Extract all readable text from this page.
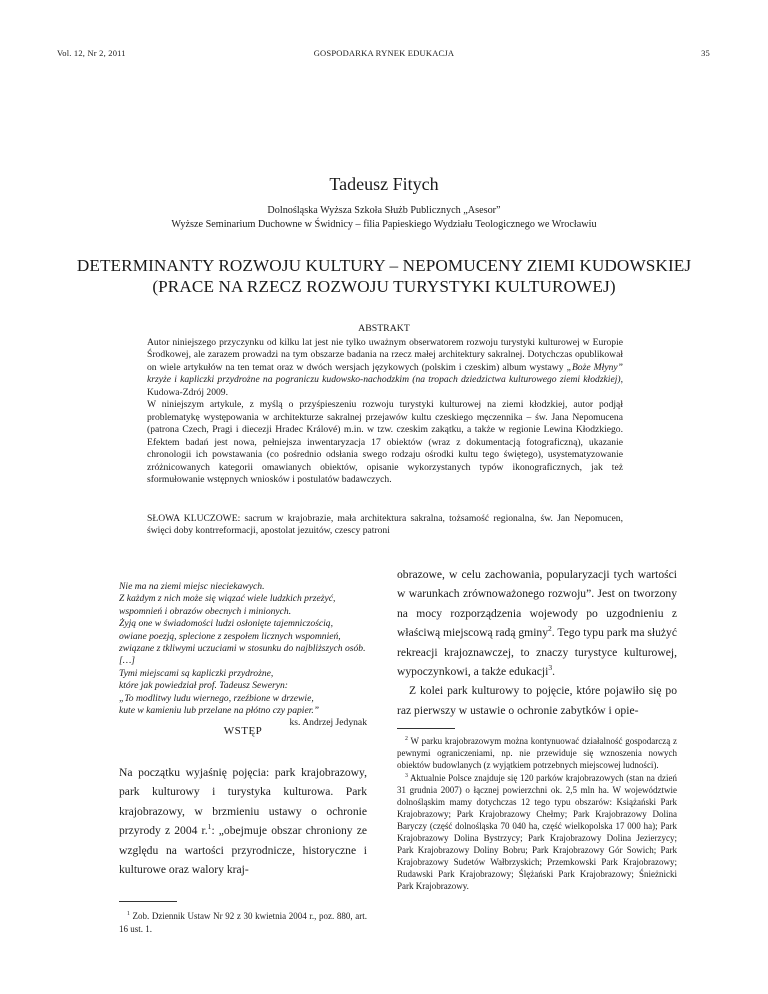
Vol. 12, Nr 2, 2011	GOSPODARKA RYNEK EDUKACJA	35
Tadeusz Fitych
Dolnośląska Wyższa Szkoła Służb Publicznych „Asesor”
Wyższe Seminarium Duchowne w Świdnicy – filia Papieskiego Wydziału Teologicznego we Wrocławiu
DETERMINANTY ROZWOJU KULTURY – NEPOMUCENY ZIEMI KUDOWSKIEJ
(PRACE NA RZECZ ROZWOJU TURYSTYKI KULTUROWEJ)
ABSTRAKT

Autor niniejszego przyczynku od kilku lat jest nie tylko uważnym obserwatorem rozwoju turystyki kulturowej w Europie Środkowej, ale zarazem prowadzi na tym obszarze badania na rzecz małej architektury sakralnej. Dotychczas opublikował on wiele artykułów na ten temat oraz w dwóch wersjach językowych (polskim i czeskim) album wystawy „Boże Młyny” krzyże i kapliczki przydrożne na pograniczu kudowsko-nachodzkim (na tropach dziedzictwa kulturowego ziemi kłodzkiej), Kudowa-Zdrój 2009.

W niniejszym artykule, z myślą o przyśpieszeniu rozwoju turystyki kulturowej na ziemi kłodzkiej, autor podjął problematykę występowania w architekturze sakralnej przejawów kultu czeskiego męczennika – św. Jana Nepomucena (patrona Czech, Pragi i diecezji Hradec Králové) m.in. w tzw. czeskim zakątku, a także w regionie Lewina Kłodzkiego. Efektem badań jest nowa, pełniejsza inwentaryzacja 17 obiektów (wraz z dokumentacją fotograficzną), ukazanie chronologii ich powstawania (co pośrednio odsłania swego rodzaju ośrodki kultu tego świętego), usystematyzowanie zróżnicowanych kategorii omawianych obiektów, opisanie wykorzystanych typów ikonograficznych, jak też sformułowanie wstępnych wniosków i postulatów badawczych.

SŁOWA KLUCZOWE: sacrum w krajobrazie, mała architektura sakralna, tożsamość regionalna, św. Jan Nepomucen, święci doby kontrreformacji, apostolat jezuitów, czescy patroni
Nie ma na ziemi miejsc nieciekawych.
Z każdym z nich może się wiązać wiele ludzkich przeżyć,
wspomnień i obrazów obecnych i minionych.
Żyją one w świadomości ludzi osłonięte tajemniczością,
owiane poezją, splecione z zespołem licznych wspomnień,
związane z tkliwymi uczuciami w stosunku do najbliższych osób.
[…]
Tymi miejscami są kapliczki przydrożne,
które jak powiedział prof. Tadeusz Seweryn:
„To modlitwy ludu wiernego, rzeźbione w drzewie,
kute w kamieniu lub przelane na płótno czy papier.”
ks. Andrzej Jedynak
WSTĘP

Na początku wyjaśnię pojęcia: park krajobrazowy, park kulturowy i turystyka kulturowa. Park krajobrazowy, w brzmieniu ustawy o ochronie przyrody z 2004 r.$^1$: „obejmuje obszar chroniony ze względu na wartości przyrodnicze, historyczne i kulturowe oraz walory kraj-

$^1$ Zob. Dziennik Ustaw Nr 92 z 30 kwietnia 2004 r., poz. 880, art. 16 ust. 1.

obrazowe, w celu zachowania, popularyzacji tych wartości w warunkach zrównoważonego rozwoju”. Jest on tworzony na mocy rozporządzenia wojewody po uzgodnieniu z właściwą miejscową radą gminy$^2$. Tego typu park ma służyć rekreacji krajoznawczej, to znaczy turystyce kulturowej, wypoczynkowi, a także edukacji$^3$.

Z kolei park kulturowy to pojęcie, które pojawiło się po raz pierwszy w ustawie o ochronie zabytków i opie-

$^2$ W parku krajobrazowym można kontynuować działalność gospodarczą z pewnymi ograniczeniami, np. nie przewiduje się wznoszenia nowych obiektów budowlanych (z wyjątkiem potrzebnych miejscowej ludności).

$^3$ Aktualnie Polsce znajduje się 120 parków krajobrazowych (stan na dzień 31 grudnia 2007) o łącznej powierzchni ok. 2,5 mln ha. W województwie dolnośląskim mamy dotychczas 12 tego typu obszarów: Książański Park Krajobrazowy; Park Krajobrazowy Chełmy; Park Krajobrazowy Dolina Baryczy (część dolnośląska 70 040 ha, część wielkopolska 17 000 ha); Park Krajobrazowy Dolina Bystrzycy; Park Krajobrazowy Dolina Jezierzycy; Park Krajobrazowy Doliny Bobru; Park Krajobrazowy Gór Sowich; Park Krajobrazowy Sudetów Wałbrzyskich; Przemkowski Park Krajobrazowy; Rudawski Park Krajobrazowy; Ślężański Park Krajobrazowy; Śnieżnicki Park Krajobrazowy.
